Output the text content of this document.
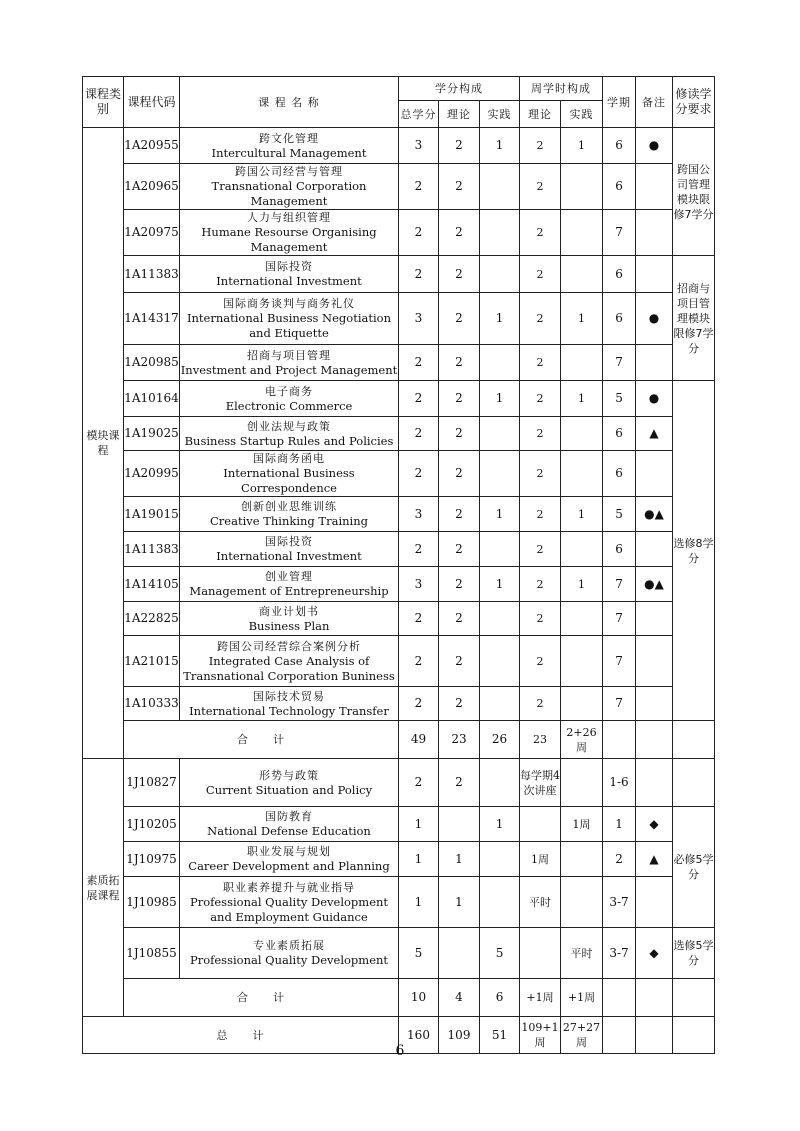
课程类别	课程代码	课 程 名 称	学分构成			周学时构成		学期	备注	修读学分要求
			总学分	理论	实践	理论	实践			
模块课程	1A20955	跨文化管理
Intercultural Management	3	2	1	2	1	6	●	跨国公司管理模块限修7学分
	1A20965	跨国公司经营与管理
Transnational Corporation Management	2	2		2		6		
	1A20975	人力与组织管理
Humane Resourse Organising Management	2	2		2		7		
	1A11383	国际投资
International Investment	2	2		2		6		招商与项目管理模块限修7学分
	1A14317	国际商务谈判与商务礼仪
International Business Negotiation and Etiquette	3	2	1	2	1	6	●	
	1A20985	招商与项目管理
Investment and Project Management	2	2		2		7		
	1A10164	电子商务
Electronic Commerce	2	2	1	2	1	5	●	选修8学分
	1A19025	创业法规与政策
Business Startup Rules and Policies	2	2		2		6	▲	
	1A20995	国际商务函电
International Business Correspondence	2	2		2		6		
	1A19015	创新创业思维训练
Creative Thinking Training	3	2	1	2	1	5	●▲	
	1A11383	国际投资
International Investment	2	2		2		6		
	1A14105	创业管理
Management of Entrepreneurship	3	2	1	2	1	7	●▲	
	1A22825	商业计划书
Business Plan	2	2		2		7		
	1A21015	跨国公司经营综合案例分析
Integrated Case Analysis of Transnational Corporation Buniness	2	2		2		7		
	1A10333	国际技术贸易
International Technology Transfer	2	2		2		7		
	合　　计		49	23	26	23	2+26周			
素质拓展课程	1J10827	形势与政策
Current Situation and Policy	2	2		每学期4次讲座		1-6		
	1J10205	国防教育
National Defense Education	1		1		1周	1	◆	必修5学分
	1J10975	职业发展与规划
Career Development and Planning	1	1		1周		2	▲	
	1J10985	职业素养提升与就业指导
Professional Quality Development and Employment Guidance	1	1		平时		3-7		
	1J10855	专业素质拓展
Professional Quality Development	5		5		平时	3-7	◆	选修5学分
	合　　计		10	4	6	+1周	+1周			
总　　计			160	109	51	109+1周	27+27周			
6
